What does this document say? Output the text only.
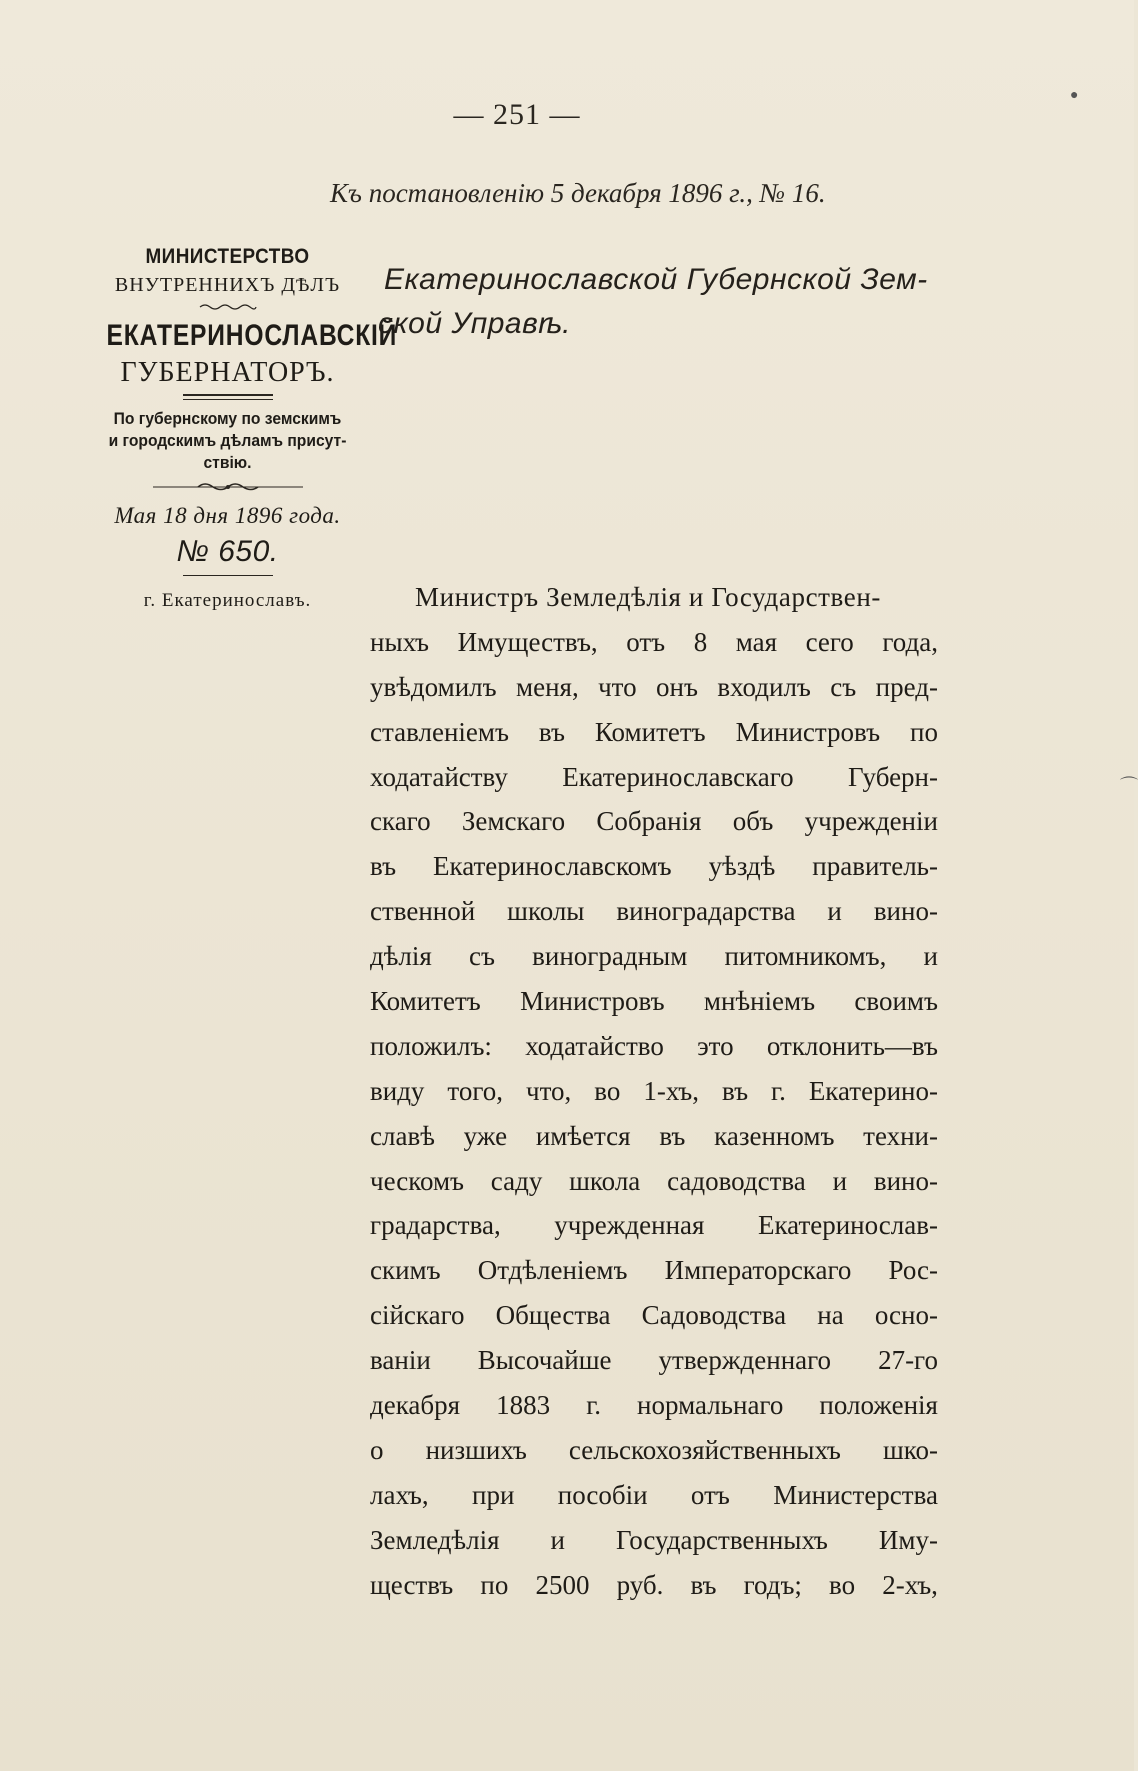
— 251 —
Къ постановленію 5 декабря 1896 г., № 16.
МИНИСТЕРСТВО
ВНУТРЕННИХЪ ДѢЛЪ
ЕКАТЕРИНОСЛАВСКІЙ
ГУБЕРНАТОРЪ.
По губернскому по земскимъ
и городскимъ дѣламъ присут-
ствію.
Мая 18 дня 1896 года.
№ 650.
г. Екатеринославъ.
Екатеринославской Губернской Зем-
ской Управѣ.
Министръ Земледѣлія и Государствен-
ныхъ Имуществъ, отъ 8 мая сего года,
увѣдомилъ меня, что онъ входилъ съ пред-
ставленіемъ въ Комитетъ Министровъ по
ходатайству Екатеринославскаго Губерн-
скаго Земскаго Собранія объ учрежденіи
въ Екатеринославскомъ уѣздѣ правитель-
ственной школы виноградарства и вино-
дѣлія съ виноградным питомникомъ, и
Комитетъ Министровъ мнѣніемъ своимъ
положилъ: ходатайство это отклонить—въ
виду того, что, во 1-хъ, въ г. Екатерино-
славѣ уже имѣется въ казенномъ техни-
ческомъ саду школа садоводства и вино-
градарства, учрежденная Екатеринослав-
скимъ Отдѣленіемъ Императорскаго Рос-
сійскаго Общества Садоводства на осно-
ваніи Высочайше утвержденнаго 27-го
декабря 1883 г. нормальнаго положенія
о низшихъ сельскохозяйственныхъ шко-
лахъ, при пособіи отъ Министерства
Земледѣлія и Государственныхъ Иму-
ществъ по 2500 руб. въ годъ; во 2-хъ,
●
⌒
